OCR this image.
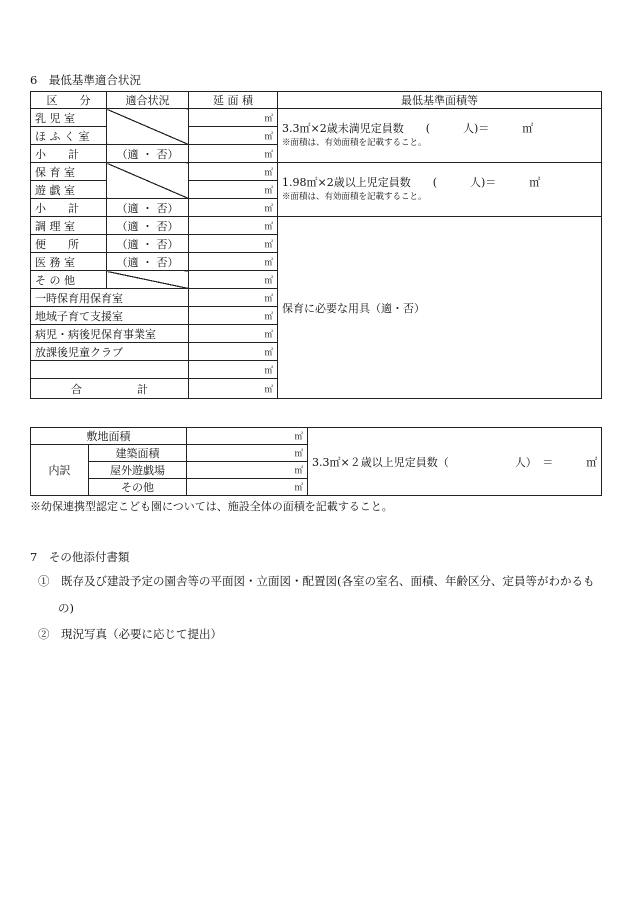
6　最低基準適合状況
区　　分	適合状況	延 面 積	最低基準面積等
乳 児 室		㎡	3.3㎡×2歳未満児定員数　　(　　　人)＝　　　㎡
※面積は、有効面積を記載すること。

ほ ふ く 室		㎡	
小　　計	（適 ・ 否）	㎡	
保 育 室		㎡	1.98㎡×2歳以上児定員数　　(　　　人)＝　　　㎡
※面積は、有効面積を記載すること。

遊 戯 室		㎡	
小　　計	（適 ・ 否）	㎡	
調 理 室	（適 ・ 否）	㎡	保育に必要な用具（適・否）
便　　所	（適 ・ 否）	㎡	
医 務 室	（適 ・ 否）	㎡	
そ の 他		㎡	
一時保育用保育室		㎡	
地域子育て支援室		㎡	
病児・病後児保育事業室		㎡	
放課後児童クラブ		㎡	
		㎡	
合　　　　　計		㎡	
敷地面積		㎡	3.3㎡×２歳以上児定員数（　　　　　　人）　＝　　　㎡
内訳	建築面積	㎡	
	屋外遊戯場	㎡	
	その他	㎡	
※幼保連携型認定こども園については、施設全体の面積を記載すること。
7　その他添付書類
①　既存及び建設予定の園舎等の平面図・立面図・配置図(各室の室名、面積、年齢区分、定員等がわかるも
の)
②　現況写真（必要に応じて提出）
